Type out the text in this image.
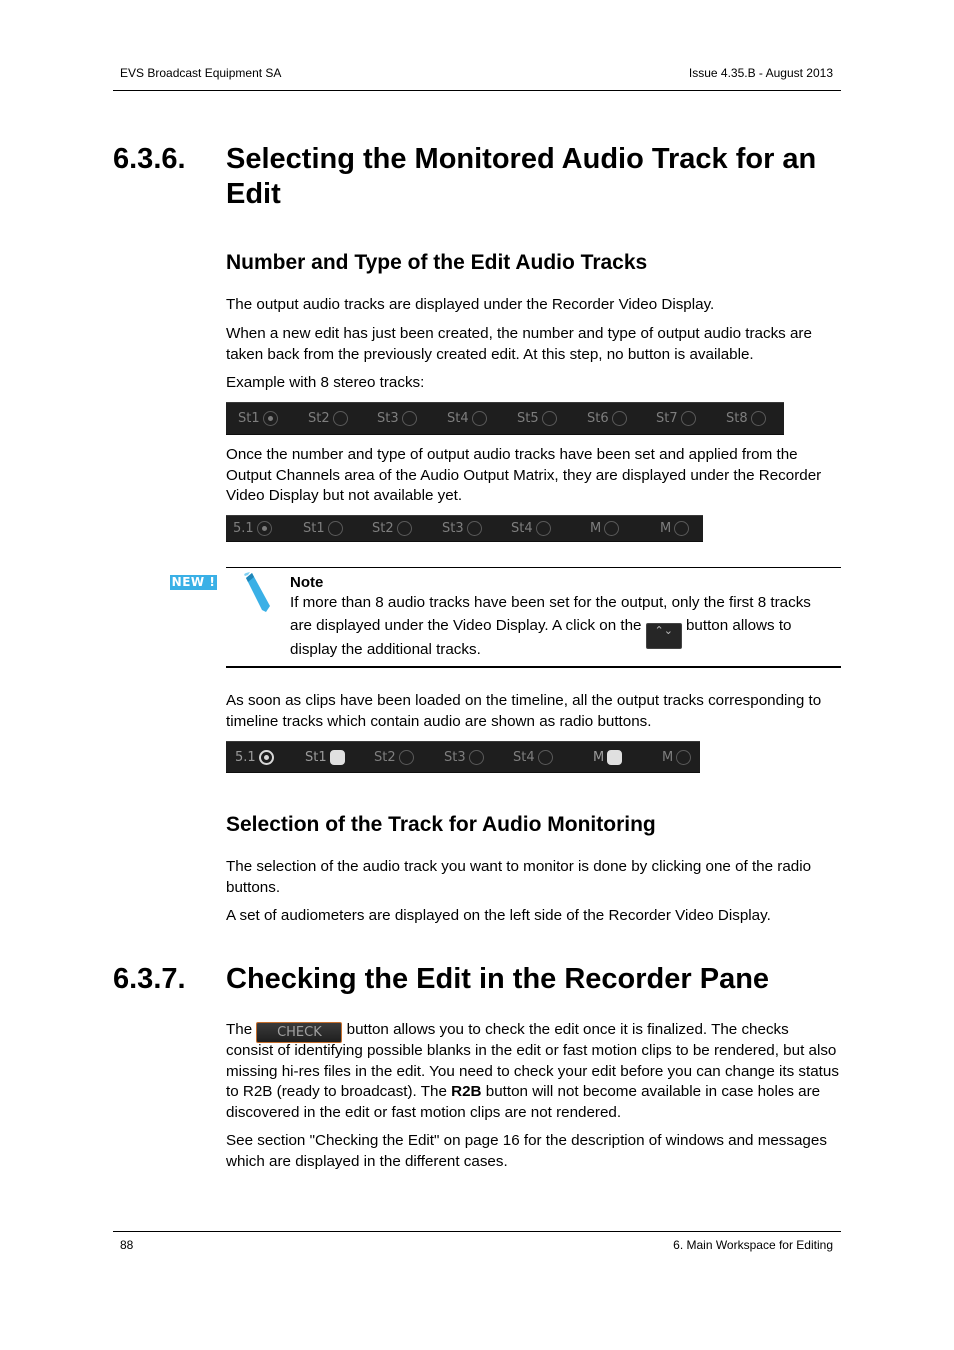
EVS Broadcast Equipment SA	Issue 4.35.B - August 2013
6.3.6. Selecting the Monitored Audio Track for an Edit
Number and Type of the Edit Audio Tracks
The output audio tracks are displayed under the Recorder Video Display.
When a new edit has just been created, the number and type of output audio tracks are taken back from the previously created edit. At this step, no button is available.
Example with 8 stereo tracks:
St1	St2	St3	St4	St5	St6	St7	St8
Once the number and type of output audio tracks have been set and applied from the Output Channels area of the Audio Output Matrix, they are displayed under the Recorder Video Display but not available yet.
5.1	St1	St2	St3	St4	M	M
NEW !	Note
If more than 8 audio tracks have been set for the output, only the first 8 tracks
are displayed under the Video Display. A click on the ⌃⌄ button allows to
display the additional tracks.
As soon as clips have been loaded on the timeline, all the output tracks corresponding to timeline tracks which contain audio are shown as radio buttons.
5.1	St1	St2	St3	St4	M	M
Selection of the Track for Audio Monitoring
The selection of the audio track you want to monitor is done by clicking one of the radio buttons.
A set of audiometers are displayed on the left side of the Recorder Video Display.
6.3.7. Checking the Edit in the Recorder Pane
The CHECK button allows you to check the edit once it is finalized. The checks
consist of identifying possible blanks in the edit or fast motion clips to be rendered, but also missing hi-res files in the edit. You need to check your edit before you can change its status to R2B (ready to broadcast). The R2B button will not become available in case holes are discovered in the edit or fast motion clips are not rendered.
See section "Checking the Edit" on page 16 for the description of windows and messages which are displayed in the different cases.
88	6. Main Workspace for Editing
